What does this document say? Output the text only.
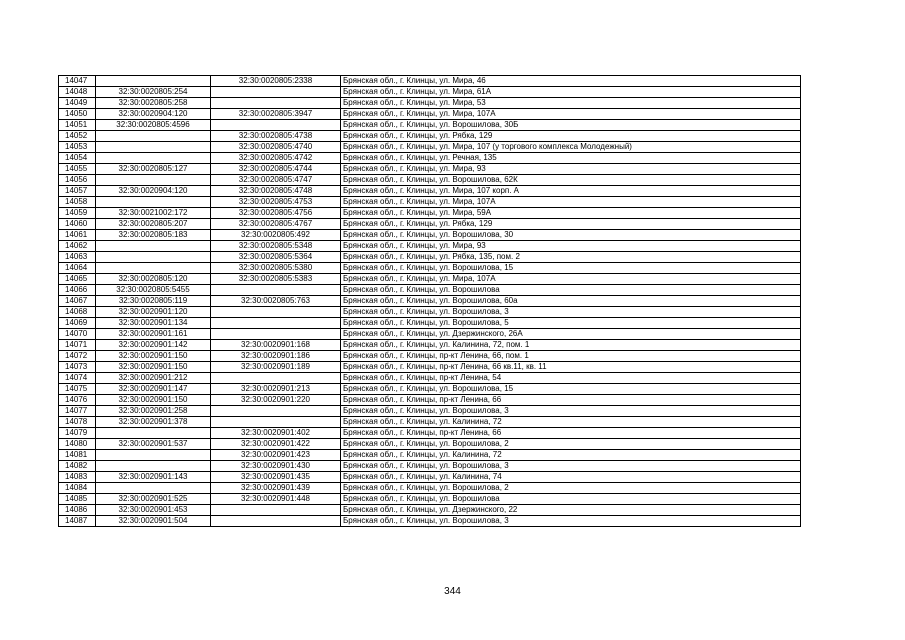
14047		32:30:0020805:2338	Брянская обл., г. Клинцы, ул. Мира, 46
14048	32:30:0020805:254		Брянская обл., г. Клинцы, ул. Мира, 61А
14049	32:30:0020805:258		Брянская обл., г. Клинцы, ул. Мира, 53
14050	32:30:0020904:120	32:30:0020805:3947	Брянская обл., г. Клинцы, ул. Мира, 107А
14051	32:30:0020805:4596		Брянская обл., г. Клинцы, ул. Ворошилова, 30Б
14052		32:30:0020805:4738	Брянская обл., г. Клинцы, ул. Рябка, 129
14053		32:30:0020805:4740	Брянская обл., г. Клинцы, ул. Мира, 107 (у торгового комплекса Молодежный)
14054		32:30:0020805:4742	Брянская обл., г. Клинцы, ул. Речная, 135
14055	32:30:0020805:127	32:30:0020805:4744	Брянская обл., г. Клинцы, ул. Мира, 93
14056		32:30:0020805:4747	Брянская обл., г. Клинцы, ул. Ворошилова, 62К
14057	32:30:0020904:120	32:30:0020805:4748	Брянская обл., г. Клинцы, ул. Мира, 107 корп. А
14058		32:30:0020805:4753	Брянская обл., г. Клинцы, ул. Мира, 107А
14059	32:30:0021002:172	32:30:0020805:4756	Брянская обл., г. Клинцы, ул. Мира, 59А
14060	32:30:0020805:207	32:30:0020805:4767	Брянская обл., г. Клинцы, ул. Рябка, 129
14061	32:30:0020805:183	32:30:0020805:492	Брянская обл., г. Клинцы, ул. Ворошилова, 30
14062		32:30:0020805:5348	Брянская обл., г. Клинцы, ул. Мира, 93
14063		32:30:0020805:5364	Брянская обл., г. Клинцы, ул. Рябка, 135, пом. 2
14064		32:30:0020805:5380	Брянская обл., г. Клинцы, ул. Ворошилова, 15
14065	32:30:0020805:120	32:30:0020805:5383	Брянская обл., г. Клинцы, ул. Мира, 107А
14066	32:30:0020805:5455		Брянская обл., г. Клинцы, ул. Ворошилова
14067	32:30:0020805:119	32:30:0020805:763	Брянская обл., г. Клинцы, ул. Ворошилова, 60а
14068	32:30:0020901:120		Брянская обл., г. Клинцы, ул. Ворошилова, 3
14069	32:30:0020901:134		Брянская обл., г. Клинцы, ул. Ворошилова, 5
14070	32:30:0020901:161		Брянская обл., г. Клинцы, ул. Дзержинского, 26А
14071	32:30:0020901:142	32:30:0020901:168	Брянская обл., г. Клинцы, ул. Калинина, 72, пом. 1
14072	32:30:0020901:150	32:30:0020901:186	Брянская обл., г. Клинцы, пр-кт Ленина, 66, пом. 1
14073	32:30:0020901:150	32:30:0020901:189	Брянская обл., г. Клинцы, пр-кт Ленина, 66 кв.11, кв. 11
14074	32:30:0020901:212		Брянская обл., г. Клинцы, пр-кт Ленина, 54
14075	32:30:0020901:147	32:30:0020901:213	Брянская обл., г. Клинцы, ул. Ворошилова, 15
14076	32:30:0020901:150	32:30:0020901:220	Брянская обл., г. Клинцы, пр-кт Ленина, 66
14077	32:30:0020901:258		Брянская обл., г. Клинцы, ул. Ворошилова, 3
14078	32:30:0020901:378		Брянская обл., г. Клинцы, ул. Калинина, 72
14079		32:30:0020901:402	Брянская обл., г. Клинцы, пр-кт Ленина, 66
14080	32:30:0020901:537	32:30:0020901:422	Брянская обл., г. Клинцы, ул. Ворошилова, 2
14081		32:30:0020901:423	Брянская обл., г. Клинцы, ул. Калинина, 72
14082		32:30:0020901:430	Брянская обл., г. Клинцы, ул. Ворошилова, 3
14083	32:30:0020901:143	32:30:0020901:435	Брянская обл., г. Клинцы, ул. Калинина, 74
14084		32:30:0020901:439	Брянская обл., г. Клинцы, ул. Ворошилова, 2
14085	32:30:0020901:525	32:30:0020901:448	Брянская обл., г. Клинцы, ул. Ворошилова
14086	32:30:0020901:453		Брянская обл., г. Клинцы, ул. Дзержинского, 22
14087	32:30:0020901:504		Брянская обл., г. Клинцы, ул. Ворошилова, 3
344
